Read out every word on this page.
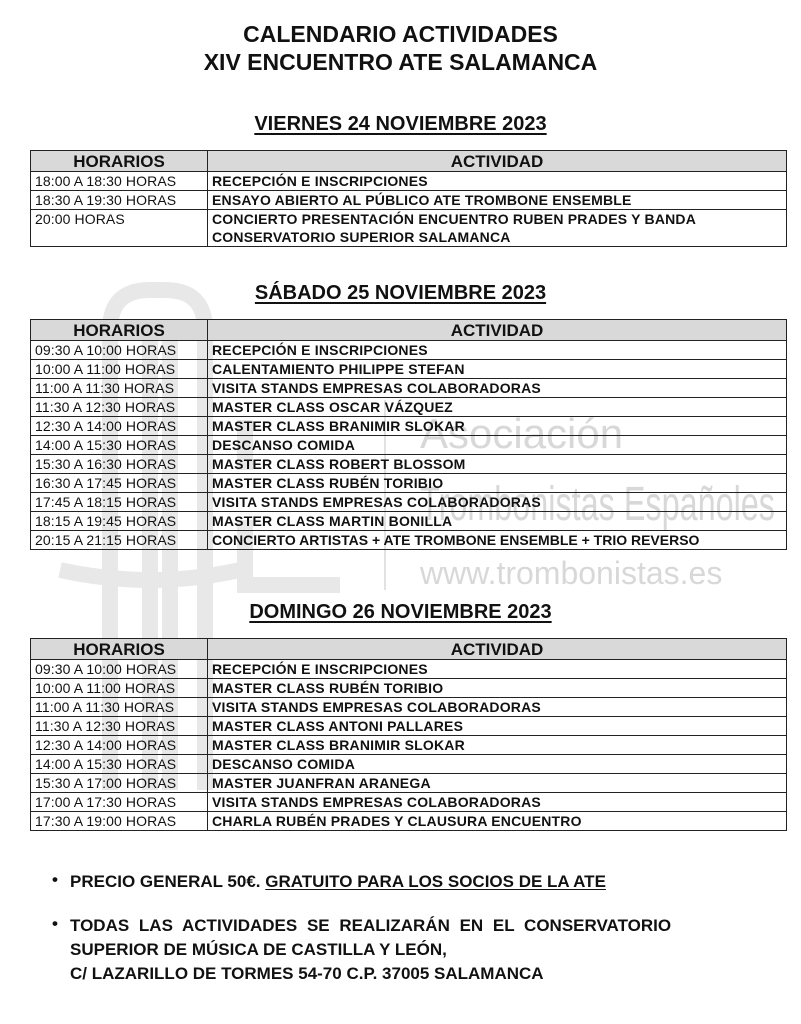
Asociación
Trombonistas Españoles
www.trombonistas.es
CALENDARIO ACTIVIDADES
XIV ENCUENTRO ATE SALAMANCA
VIERNES 24 NOVIEMBRE 2023
HORARIOS	ACTIVIDAD
18:00 A 18:30 HORAS	RECEPCIÓN E INSCRIPCIONES
18:30 A 19:30 HORAS	ENSAYO ABIERTO AL PÚBLICO ATE TROMBONE ENSEMBLE
20:00 HORAS	CONCIERTO PRESENTACIÓN ENCUENTRO RUBEN PRADES Y BANDA CONSERVATORIO SUPERIOR SALAMANCA
SÁBADO 25 NOVIEMBRE 2023
HORARIOS	ACTIVIDAD
09:30 A 10:00 HORAS	RECEPCIÓN E INSCRIPCIONES
10:00 A 11:00 HORAS	CALENTAMIENTO PHILIPPE STEFAN
11:00 A 11:30 HORAS	VISITA STANDS EMPRESAS COLABORADORAS
11:30 A 12:30 HORAS	MASTER CLASS OSCAR VÁZQUEZ
12:30 A 14:00 HORAS	MASTER CLASS BRANIMIR SLOKAR
14:00 A 15:30 HORAS	DESCANSO COMIDA
15:30 A 16:30 HORAS	MASTER CLASS ROBERT BLOSSOM
16:30 A 17:45 HORAS	MASTER CLASS RUBÉN TORIBIO
17:45 A 18:15 HORAS	VISITA STANDS EMPRESAS COLABORADORAS
18:15 A 19:45 HORAS	MASTER CLASS MARTIN BONILLA
20:15 A 21:15 HORAS	CONCIERTO ARTISTAS + ATE TROMBONE ENSEMBLE + TRIO REVERSO
DOMINGO 26 NOVIEMBRE 2023
HORARIOS	ACTIVIDAD
09:30 A 10:00 HORAS	RECEPCIÓN E INSCRIPCIONES
10:00 A 11:00 HORAS	MASTER CLASS RUBÉN TORIBIO
11:00 A 11:30 HORAS	VISITA STANDS EMPRESAS COLABORADORAS
11:30 A 12:30 HORAS	MASTER CLASS ANTONI PALLARES
12:30 A 14:00 HORAS	MASTER CLASS BRANIMIR SLOKAR
14:00 A 15:30 HORAS	DESCANSO COMIDA
15:30 A 17:00 HORAS	MASTER JUANFRAN ARANEGA
17:00 A 17:30 HORAS	VISITA STANDS EMPRESAS COLABORADORAS
17:30 A 19:00 HORAS	CHARLA RUBÉN PRADES Y CLAUSURA ENCUENTRO
• PRECIO GENERAL 50€. GRATUITO PARA LOS SOCIOS DE LA ATE
• TODAS LAS ACTIVIDADES SE REALIZARÁN EN EL CONSERVATORIO
SUPERIOR DE MÚSICA DE CASTILLA Y LEÓN,
C/ LAZARILLO DE TORMES 54-70 C.P. 37005 SALAMANCA
